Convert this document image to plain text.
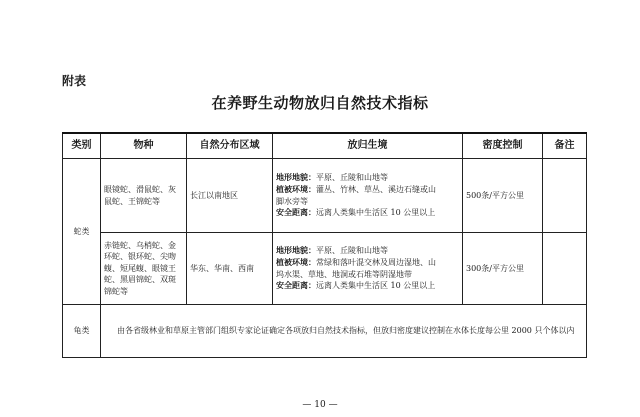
附表
在养野生动物放归自然技术指标
类别	物种	自然分布区域	放归生境	密度控制	备注
蛇类	眼镜蛇、滑鼠蛇、灰鼠蛇、王锦蛇等	长江以南地区	地形地貌：平原、丘陵和山地等
植被环境：灌丛、竹林、草丛、溪边石缝或山
脚水旁等
安全距离：远离人类集中生活区 10 公里以上	500条/平方公里	
	赤链蛇、乌梢蛇、金环蛇、银环蛇、尖吻蝮、短尾蝮、眼镜王蛇、黑眉锦蛇、双斑锦蛇等	华东、华南、西南	地形地貌：平原、丘陵和山地等
植被环境：常绿和落叶混交林及周边湿地、山
坞水渠、草地、地洞或石堆等阴湿地带
安全距离：远离人类集中生活区 10 公里以上	300条/平方公里	
龟类	由各省级林业和草原主管部门组织专家论证确定各项放归自然技术指标，但放归密度建议控制在水体长度每公里 2000 只个体以内				
— 10 —
